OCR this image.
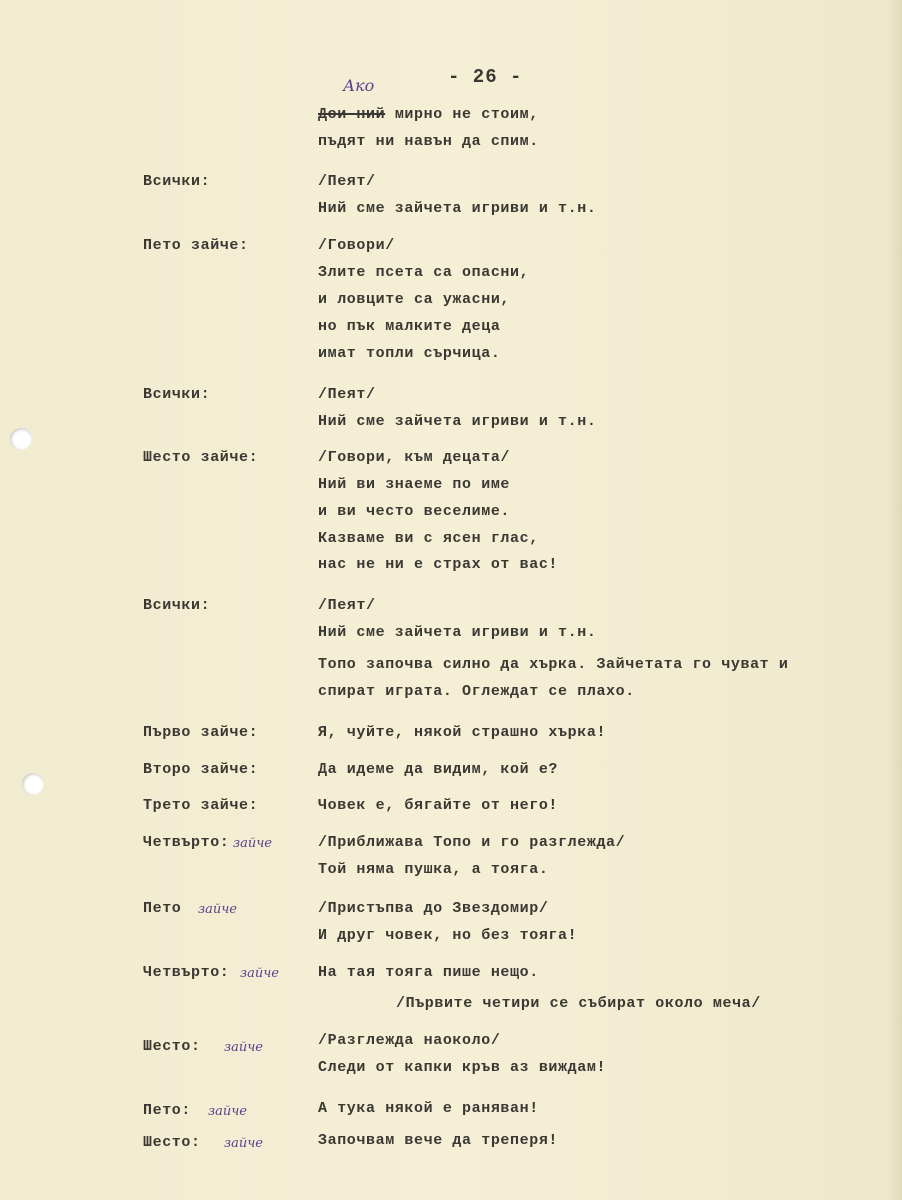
- 26 -
Ако
Дои ний мирно не стоим,
пъдят ни навън да спим.
Всички:	/Пеят/
Ний сме зайчета игриви и т.н.
Пето зайче:	/Говори/
Злите псета са опасни,
и ловците са ужасни,
но пък малките деца
имат топли сърчица.
Всички:	/Пеят/
Ний сме зайчета игриви и т.н.
Шесто зайче:	/Говори, към децата/
Ний ви знаеме по име
и ви често веселиме.
Казваме ви с ясен глас,
нас не ни е страх от вас!
Всички:	/Пеят/
Ний сме зайчета игриви и т.н.
Топо започва силно да хърка. Зайчетата го чуват и
спират играта. Оглеждат се плахо.
Първо зайче:	Я, чуйте, някой страшно хърка!
Второ зайче:	Да идеме да видим, кой е?
Трето зайче:	Човек е, бягайте от него!
Четвърто: зайче	/Приближава Топо и го разглежда/
Той няма пушка, а тояга.
Пето зайче	/Пристъпва до Звездомир/
И друг човек, но без тояга!
Четвърто: зайче	На тая тояга пише нещо.
/Първите четири се събират около меча/
Шесто: зайче	/Разглежда наоколо/
Следи от капки кръв аз виждам!
Пето: зайче	А тука някой е раняван!
Шесто: зайче	Започвам вече да треперя!
